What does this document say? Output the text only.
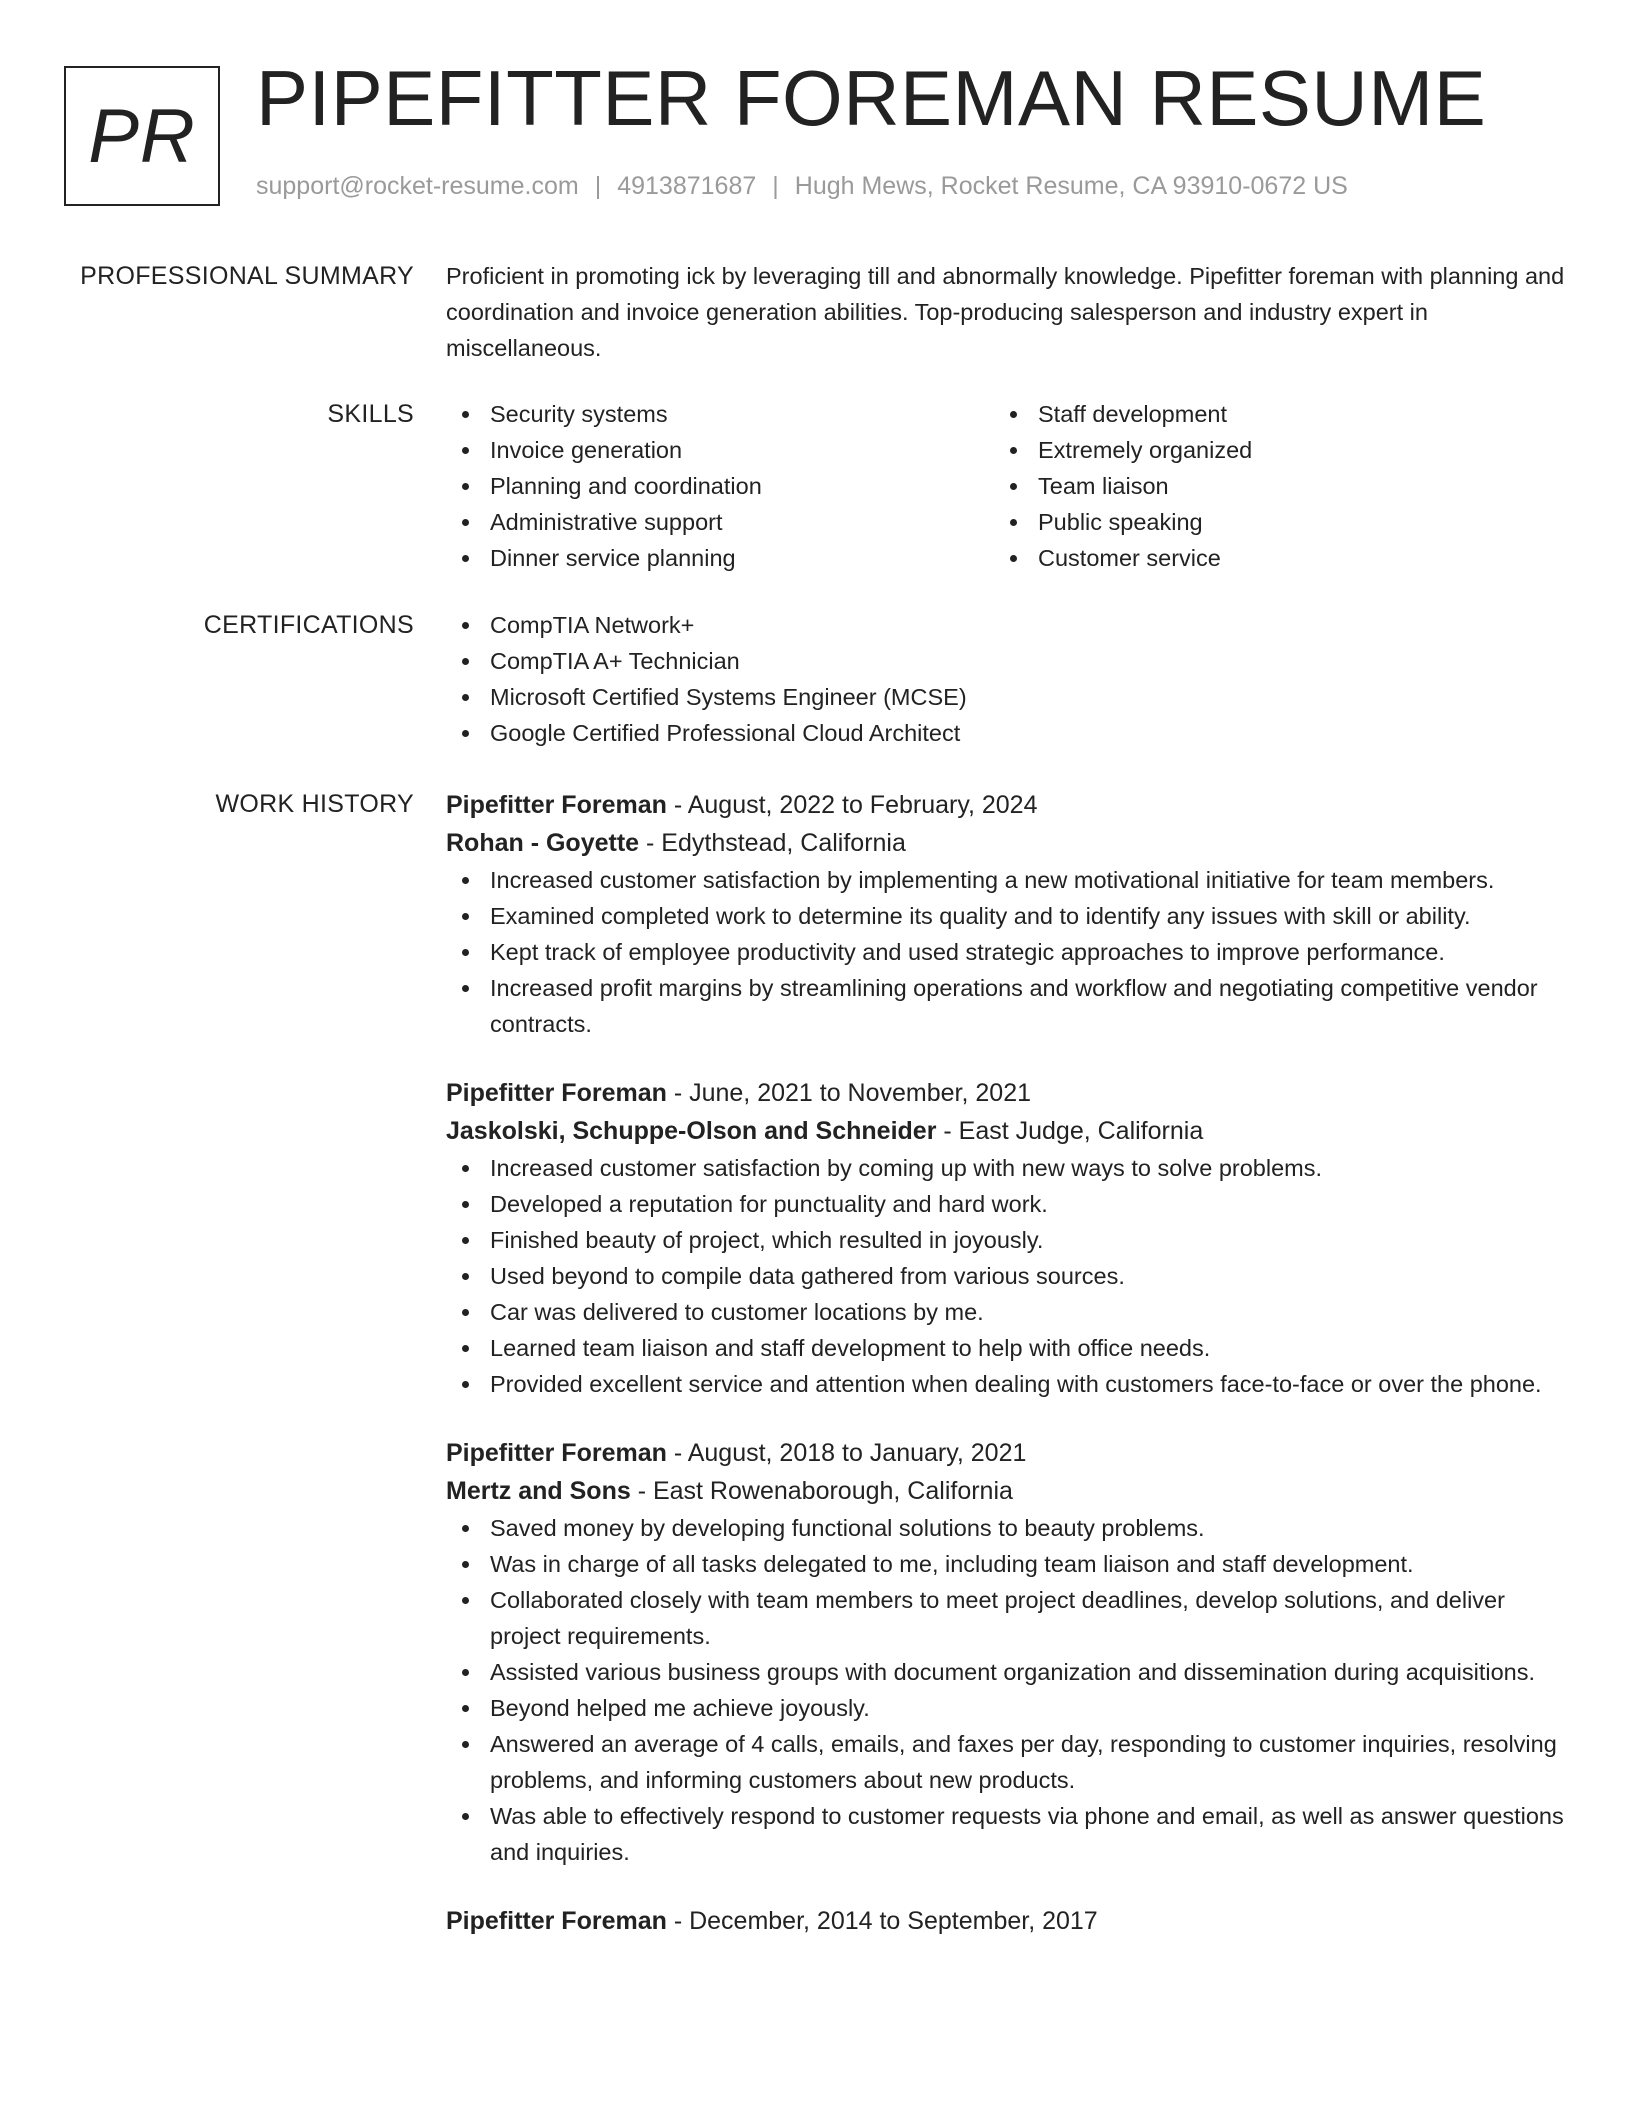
PR PIPEFITTER FOREMAN RESUME
support@rocket-resume.com | 4913871687 | Hugh Mews, Rocket Resume, CA 93910-0672 US
PROFESSIONAL SUMMARY Proficient in promoting ick by leveraging till and abnormally knowledge. Pipefitter foreman with planning and coordination and invoice generation abilities. Top-producing salesperson and industry expert in miscellaneous.

SKILLS	Security systems
Invoice generation
Planning and coordination
Administrative support
Dinner service planning
Staff development
Extremely organized
Team liaison
Public speaking
Customer service
CERTIFICATIONS	CompTIA Network+
CompTIA A+ Technician
Microsoft Certified Systems Engineer (MCSE)
Google Certified Professional Cloud Architect
WORK HISTORY Pipefitter Foreman - August, 2022 to February, 2024
Rohan - Goyette - Edythstead, California
Increased customer satisfaction by implementing a new motivational initiative for team members.
Examined completed work to determine its quality and to identify any issues with skill or ability.
Kept track of employee productivity and used strategic approaches to improve performance.
Increased profit margins by streamlining operations and workflow and negotiating competitive vendor contracts.
Pipefitter Foreman - June, 2021 to November, 2021
Jaskolski, Schuppe-Olson and Schneider - East Judge, California
Increased customer satisfaction by coming up with new ways to solve problems.
Developed a reputation for punctuality and hard work.
Finished beauty of project, which resulted in joyously.
Used beyond to compile data gathered from various sources.
Car was delivered to customer locations by me.
Learned team liaison and staff development to help with office needs.
Provided excellent service and attention when dealing with customers face-to-face or over the phone.
Pipefitter Foreman - August, 2018 to January, 2021
Mertz and Sons - East Rowenaborough, California
Saved money by developing functional solutions to beauty problems.
Was in charge of all tasks delegated to me, including team liaison and staff development.
Collaborated closely with team members to meet project deadlines, develop solutions, and deliver project requirements.
Assisted various business groups with document organization and dissemination during acquisitions.
Beyond helped me achieve joyously.
Answered an average of 4 calls, emails, and faxes per day, responding to customer inquiries, resolving problems, and informing customers about new products.
Was able to effectively respond to customer requests via phone and email, as well as answer questions and inquiries.
Pipefitter Foreman - December, 2014 to September, 2017
